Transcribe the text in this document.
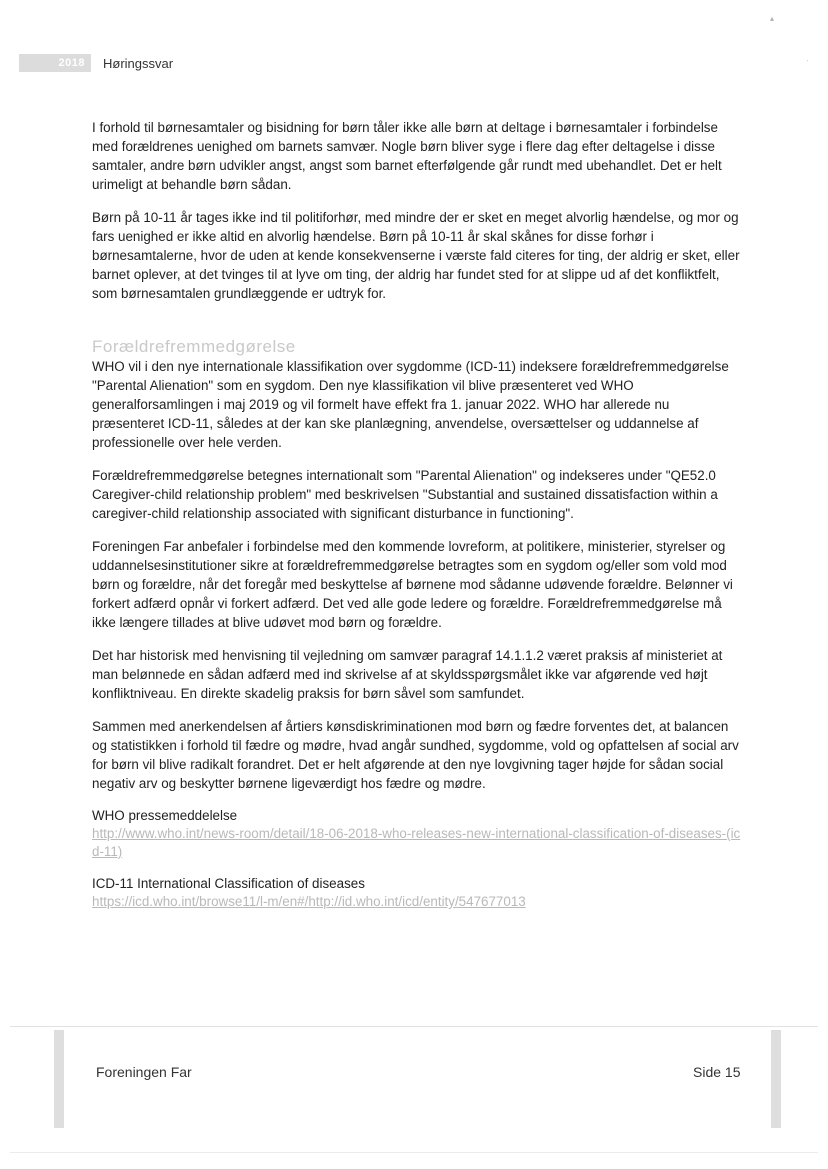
▴
·
2018	Høringssvar

I forhold til børnesamtaler og bisidning for børn tåler ikke alle børn at deltage i børnesamtaler i forbindelse med forældrenes uenighed om barnets samvær. Nogle børn bliver syge i flere dag efter deltagelse i disse samtaler, andre børn udvikler angst, angst som barnet efterfølgende går rundt med ubehandlet. Det er helt urimeligt at behandle børn sådan.

Børn på 10-11 år tages ikke ind til politiforhør, med mindre der er sket en meget alvorlig hændelse, og mor og fars uenighed er ikke altid en alvorlig hændelse. Børn på 10-11 år skal skånes for disse forhør i børnesamtalerne, hvor de uden at kende konsekvenserne i værste fald citeres for ting, der aldrig er sket, eller barnet oplever, at det tvinges til at lyve om ting, der aldrig har fundet sted for at slippe ud af det konfliktfelt, som børnesamtalen grundlæggende er udtryk for.

Forældrefremmedgørelse

WHO vil i den nye internationale klassifikation over sygdomme (ICD-11) indeksere forældrefremmedgørelse "Parental Alienation" som en sygdom. Den nye klassifikation vil blive præsenteret ved WHO generalforsamlingen i maj 2019 og vil formelt have effekt fra 1. januar 2022. WHO har allerede nu præsenteret ICD-11, således at der kan ske planlægning, anvendelse, oversættelser og uddannelse af professionelle over hele verden.

Forældrefremmedgørelse betegnes internationalt som "Parental Alienation" og indekseres under "QE52.0 Caregiver-child relationship problem" med beskrivelsen "Substantial and sustained dissatisfaction within a caregiver-child relationship associated with significant disturbance in functioning".

Foreningen Far anbefaler i forbindelse med den kommende lovreform, at politikere, ministerier, styrelser og uddannelsesinstitutioner sikre at forældrefremmedgørelse betragtes som en sygdom og/eller som vold mod børn og forældre, når det foregår med beskyttelse af børnene mod sådanne udøvende forældre. Belønner vi forkert adfærd opnår vi forkert adfærd. Det ved alle gode ledere og forældre. Forældrefremmedgørelse må ikke længere tillades at blive udøvet mod børn og forældre.

Det har historisk med henvisning til vejledning om samvær paragraf 14.1.1.2 været praksis af ministeriet at man belønnede en sådan adfærd med ind skrivelse af at skyldsspørgsmålet ikke var afgørende ved højt konfliktniveau. En direkte skadelig praksis for børn såvel som samfundet.

Sammen med anerkendelsen af årtiers kønsdiskriminationen mod børn og fædre forventes det, at balancen og statistikken i forhold til fædre og mødre, hvad angår sundhed, sygdomme, vold og opfattelsen af social arv for børn vil blive radikalt forandret. Det er helt afgørende at den nye lovgivning tager højde for sådan social negativ arv og beskytter børnene ligeværdigt hos fædre og mødre.

WHO pressemeddelelse

http://www.who.int/news-room/detail/18-06-2018-who-releases-new-international-classification-of-diseases-(icd-11)

ICD-11 International Classification of diseases

https://icd.who.int/browse11/l-m/en#/http://id.who.int/icd/entity/547677013

Foreningen Far	Side 15
